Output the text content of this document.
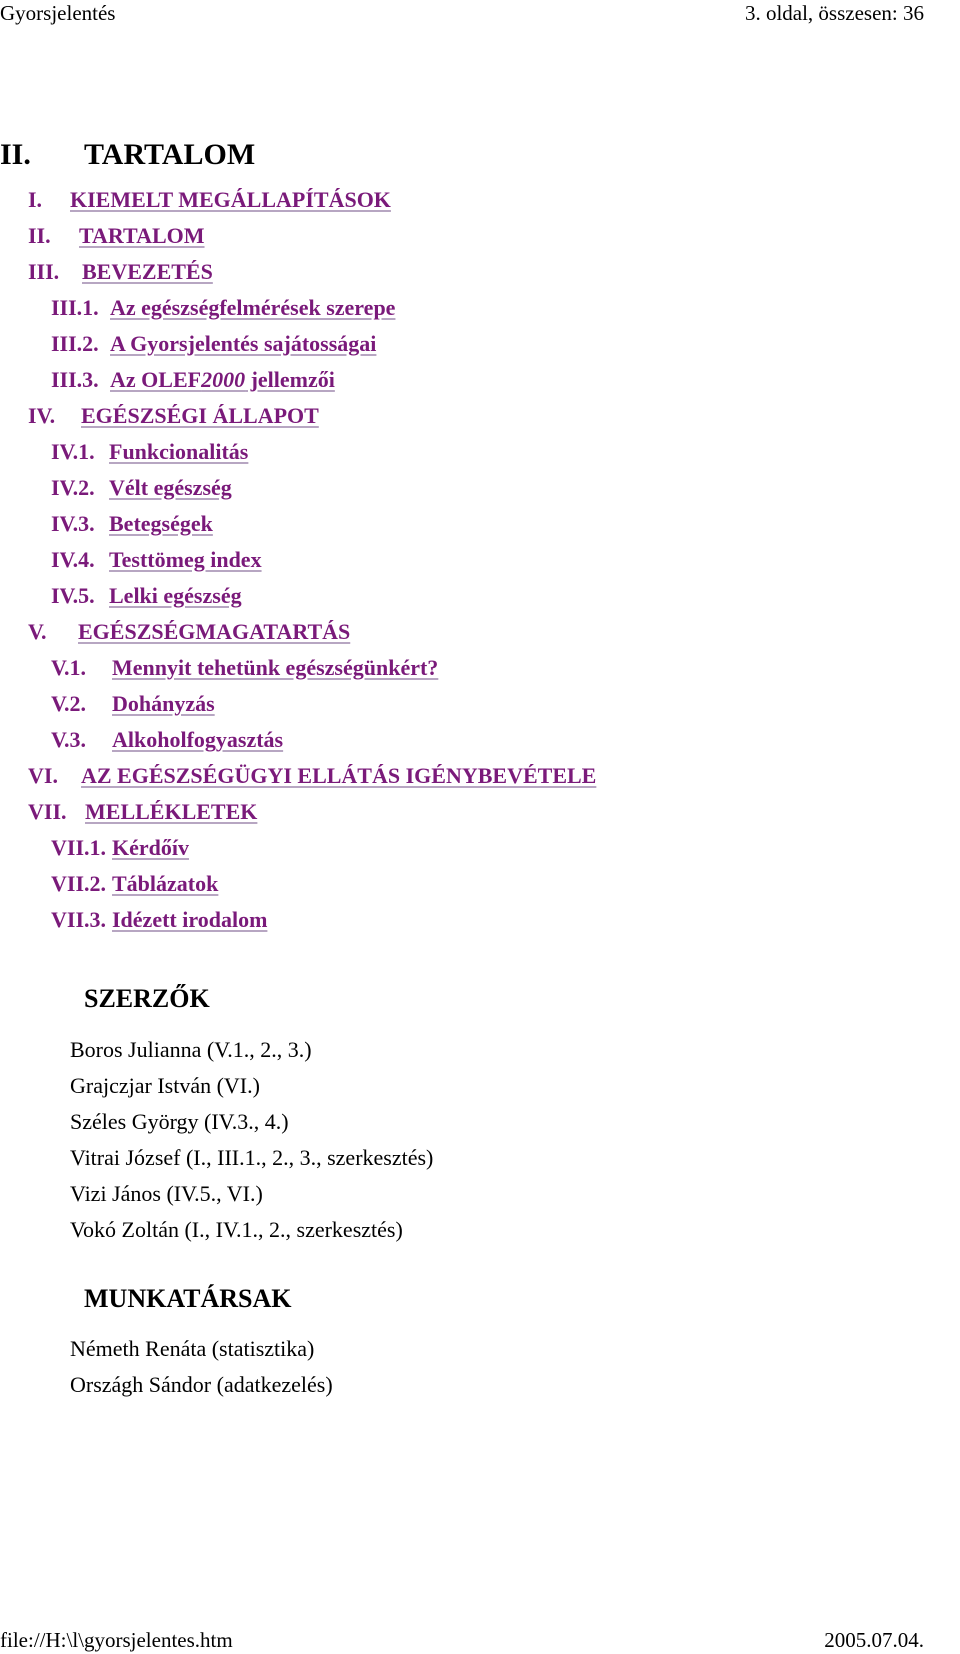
Gyorsjelentés	3. oldal, összesen: 36
II. TARTALOM
I. KIEMELT MEGÁLLAPÍTÁSOK
II. TARTALOM
III. BEVEZETÉS
III.1. Az egészségfelmérések szerepe
III.2. A Gyorsjelentés sajátosságai
III.3. Az OLEF2000 jellemzői
IV. EGÉSZSÉGI ÁLLAPOT
IV.1. Funkcionalitás
IV.2. Vélt egészség
IV.3. Betegségek
IV.4. Testtömeg index
IV.5. Lelki egészség
V. EGÉSZSÉGMAGATARTÁS
V.1. Mennyit tehetünk egészségünkért?
V.2. Dohányzás
V.3. Alkoholfogyasztás
VI. AZ EGÉSZSÉGÜGYI ELLÁTÁS IGÉNYBEVÉTELE
VII. MELLÉKLETEK
VII.1. Kérdőív
VII.2. Táblázatok
VII.3. Idézett irodalom
SZERZŐK
Boros Julianna (V.1., 2., 3.)
Grajczjar István (VI.)
Széles György (IV.3., 4.)
Vitrai József (I., III.1., 2., 3., szerkesztés)
Vizi János (IV.5., VI.)
Vokó Zoltán (I., IV.1., 2., szerkesztés)
MUNKATÁRSAK
Németh Renáta (statisztika)
Országh Sándor (adatkezelés)
file://H:\l\gyorsjelentes.htm	2005.07.04.
